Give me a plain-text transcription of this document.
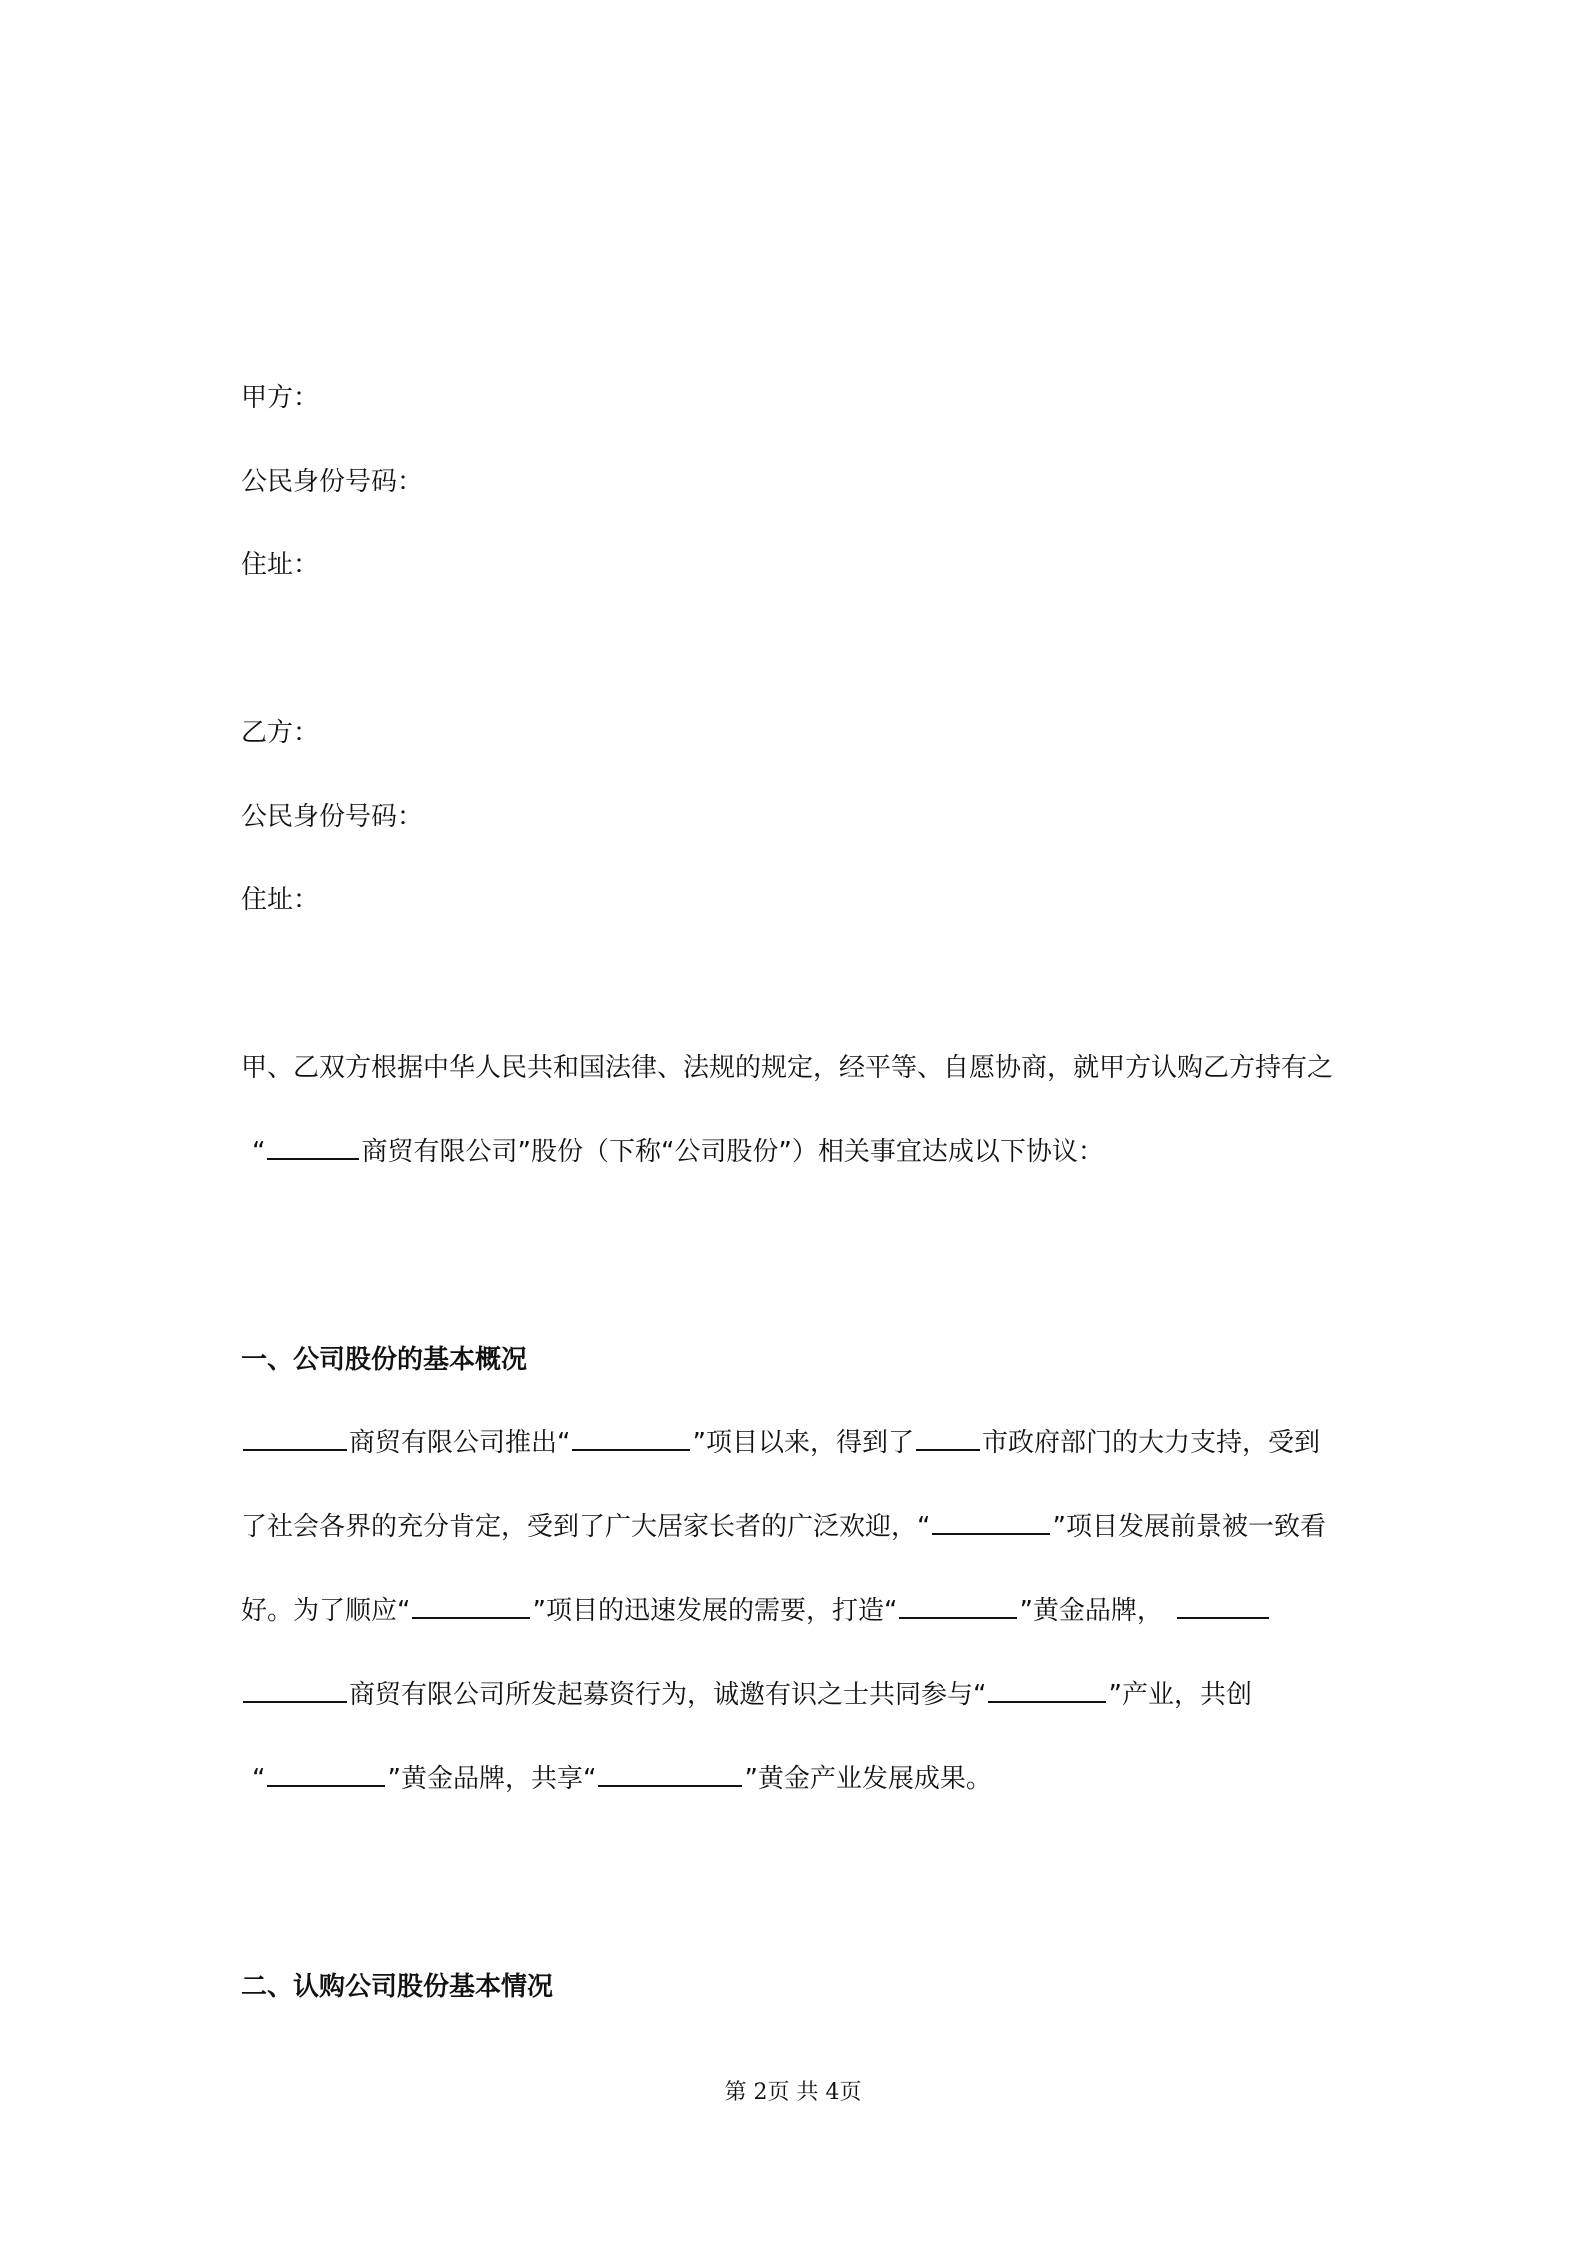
甲方：
公民身份号码：
住址：
乙方：
公民身份号码：
住址：
甲、乙双方根据中华人民共和国法律、法规的规定，经平等、自愿协商，就甲方认购乙方持有之
“	商贸有限公司”股份（下称“公司股份”）相关事宜达成以下协议：
一、公司股份的基本概况
商贸有限公司推出“	”项目以来，得到了	市政府部门的大力支持，受到
了社会各界的充分肯定，受到了广大居家长者的广泛欢迎，“	”项目发展前景被一致看
好。为了顺应“	”项目的迅速发展的需要，打造“	”黄金品牌，
商贸有限公司所发起募资行为，诚邀有识之士共同参与“	”产业，共创
“	”黄金品牌，共享“	”黄金产业发展成果。
二、认购公司股份基本情况
第 2页 共 4页
